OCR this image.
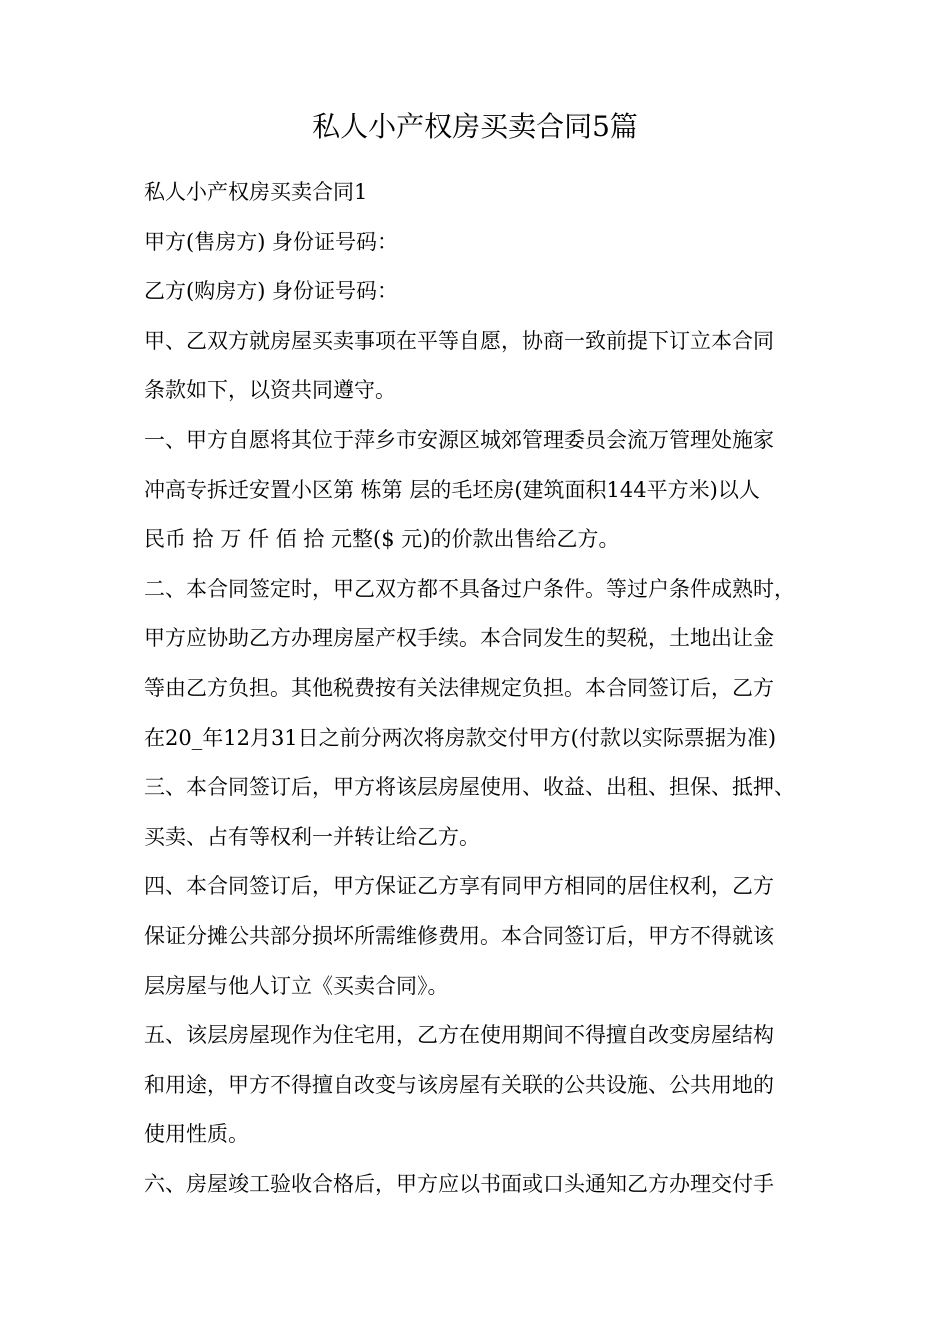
私人小产权房买卖合同5篇
私人小产权房买卖合同1
甲方(售房方) 身份证号码：
乙方(购房方) 身份证号码：
甲、乙双方就房屋买卖事项在平等自愿，协商一致前提下订立本合同
条款如下，以资共同遵守。
一、甲方自愿将其位于萍乡市安源区城郊管理委员会流万管理处施家
冲高专拆迁安置小区第 栋第 层的毛坯房(建筑面积144平方米)以人
民币 拾 万 仟 佰 拾 元整($ 元)的价款出售给乙方。
二、本合同签定时，甲乙双方都不具备过户条件。等过户条件成熟时，
甲方应协助乙方办理房屋产权手续。本合同发生的契税，土地出让金
等由乙方负担。其他税费按有关法律规定负担。本合同签订后，乙方
在20_年12月31日之前分两次将房款交付甲方(付款以实际票据为准)
三、本合同签订后，甲方将该层房屋使用、收益、出租、担保、抵押、
买卖、占有等权利一并转让给乙方。
四、本合同签订后，甲方保证乙方享有同甲方相同的居住权利，乙方
保证分摊公共部分损坏所需维修费用。本合同签订后，甲方不得就该
层房屋与他人订立《买卖合同》。
五、该层房屋现作为住宅用，乙方在使用期间不得擅自改变房屋结构
和用途，甲方不得擅自改变与该房屋有关联的公共设施、公共用地的
使用性质。
六、房屋竣工验收合格后，甲方应以书面或口头通知乙方办理交付手
